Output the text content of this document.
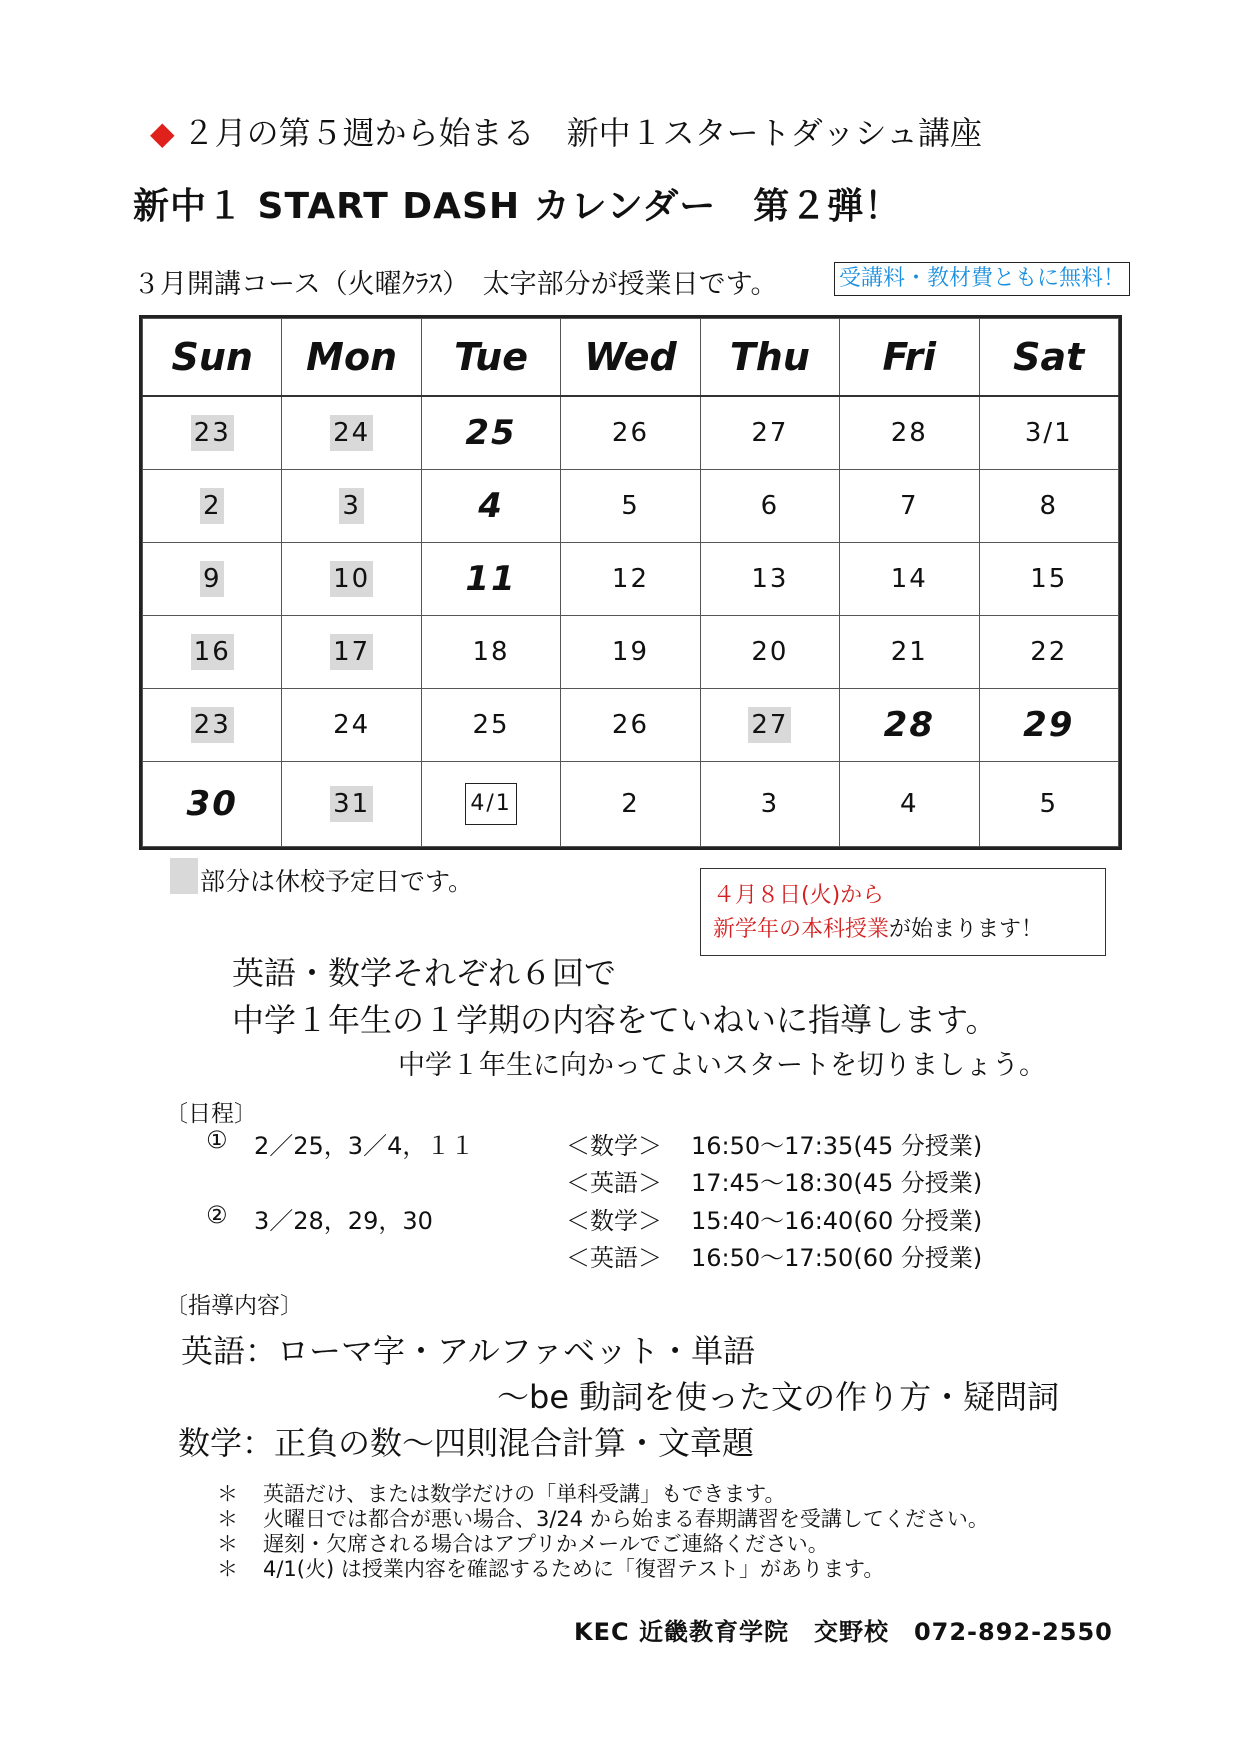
◆ ２月の第５週から始まる　新中１スタートダッシュ講座
新中１ START DASH カレンダー　第２弾！
３月開講コース（火曜ｸﾗｽ）　太字部分が授業日です。	受講料・教材費ともに無料！
Sun	Mon	Tue	Wed	Thu	Fri	Sat
23	24	25	26	27	28	3/1
2	3	4	5	6	7	8
9	10	11	12	13	14	15
16	17	18	19	20	21	22
23	24	25	26	27	28	29
30	31	4/1	2	3	4	5
部分は休校予定日です。	４月８日(火)から
新学年の本科授業が始まります！
英語・数学それぞれ６回で
中学１年生の１学期の内容をていねいに指導します。
中学１年生に向かってよいスタートを切りましょう。
〔日程〕
① 2／25，3／4，１１	＜数学＞ 16:50～17:35(45 分授業)
＜英語＞ 17:45～18:30(45 分授業)
② 3／28，29，30	＜数学＞ 15:40～16:40(60 分授業)
＜英語＞ 16:50～17:50(60 分授業)
〔指導内容〕
英語：ローマ字・アルファベット・単語
～be 動詞を使った文の作り方・疑問詞
数学：正負の数～四則混合計算・文章題
＊ 英語だけ、または数学だけの「単科受講」もできます。
＊ 火曜日では都合が悪い場合、3/24 から始まる春期講習を受講してください。
＊ 遅刻・欠席される場合はアプリかメールでご連絡ください。
＊ 4/1(火) は授業内容を確認するために「復習テスト」があります。
KEC 近畿教育学院　交野校　072-892-2550
